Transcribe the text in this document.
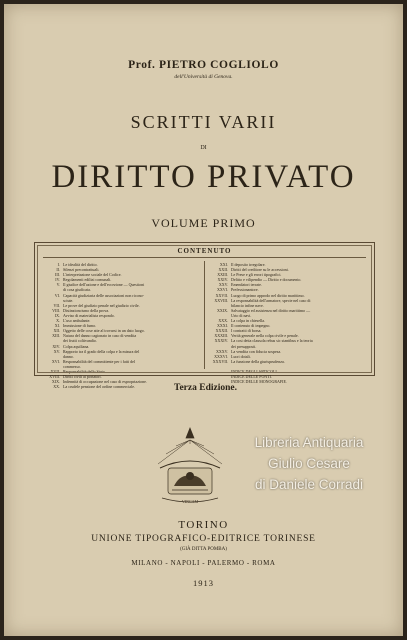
Prof. PIETRO COGLIOLO
dell'Università di Genova.
SCRITTI VARII
DI
DIRITTO PRIVATO
VOLUME PRIMO
CONTENUTO
I. Le idealità del diritto.
II. Silenzi precontrattuali.
III. L'interpretazione sociale del Codice.
IV. Regolamenti edilizi comunali.
V. Il giudice dell'azione e dell'eccezione — Questioni
di cosa giudicata.
VI. Capacità giudiziaria delle associazioni non ricono-
sciute.
VII. Le prove del giudizio penale nel giudizio civile.
VIII. Distinzioncismo della prova.
IX. Avviso di materialista respondo.
X. L'uso ambulante.
XI. Immissione di fumo.
XII. Oggetto delle cose atte al trovarsi in un dato luogo.
XIII. Natura del danno cagionato in caso di vendita
dei frutti coltivandio.
XIV. Colpa aquiliana.
XV. Rapporto tra il grado della colpa e la misura del
danno.
XVI. Responsabilità del committente per i fatti del
commesso.
XVII. Responsabilità dello Stato.
XVIII. Diritti civili ai portatori.
XIX. Indennità di occupazione nel caso di espropriazione.
XX. La crudele pensione del ordine commerciale.
XXI. Il deposito irregolare.
XXII. Diritti del creditore su le accessioni.
XXIII. Le Prese e gli errori tipografici.
XXIV. Delitto e vilipendio — Diritto e documento.
XXV. Emendatori terrate.
XXVI. Prefessionantore.
XXVII. Luogo di primo approdo nel diritto marittimo.
XXVIII. La responsabilità dell'armatore, specie nel caso di
bilancio infine nave.
XXIX. Salvataggio ed assistenza nel diritto marittimo —
Urto di navi.
XXX. La colpa in chiesella.
XXXI. Il contenuto di impegno.
XXXII. I contratti di borsa.
XXXIII. Verità generale nella colpa civile e penale.
XXXIV. La cosi detta clausola rebus sic stantibus e la teoria
dei presupposti.
XXXV. La vendita con fiducia sospesa.
XXXVI. Lucri dotali.
XXXVII. La funzione della giurisprudenza.
INDICE DEGLI ARTICOLI.
INDICE DELLE FONTI.
INDICE DELLE MONOGRAFIE.
Terza Edizione.
VINCAM
Libreria Antiquaria
Giulio Cesare
di Daniele Corradi
TORINO
UNIONE TIPOGRAFICO-EDITRICE TORINESE
(GIÀ DITTA POMBA)
MILANO - NAPOLI - PALERMO - ROMA
1913
